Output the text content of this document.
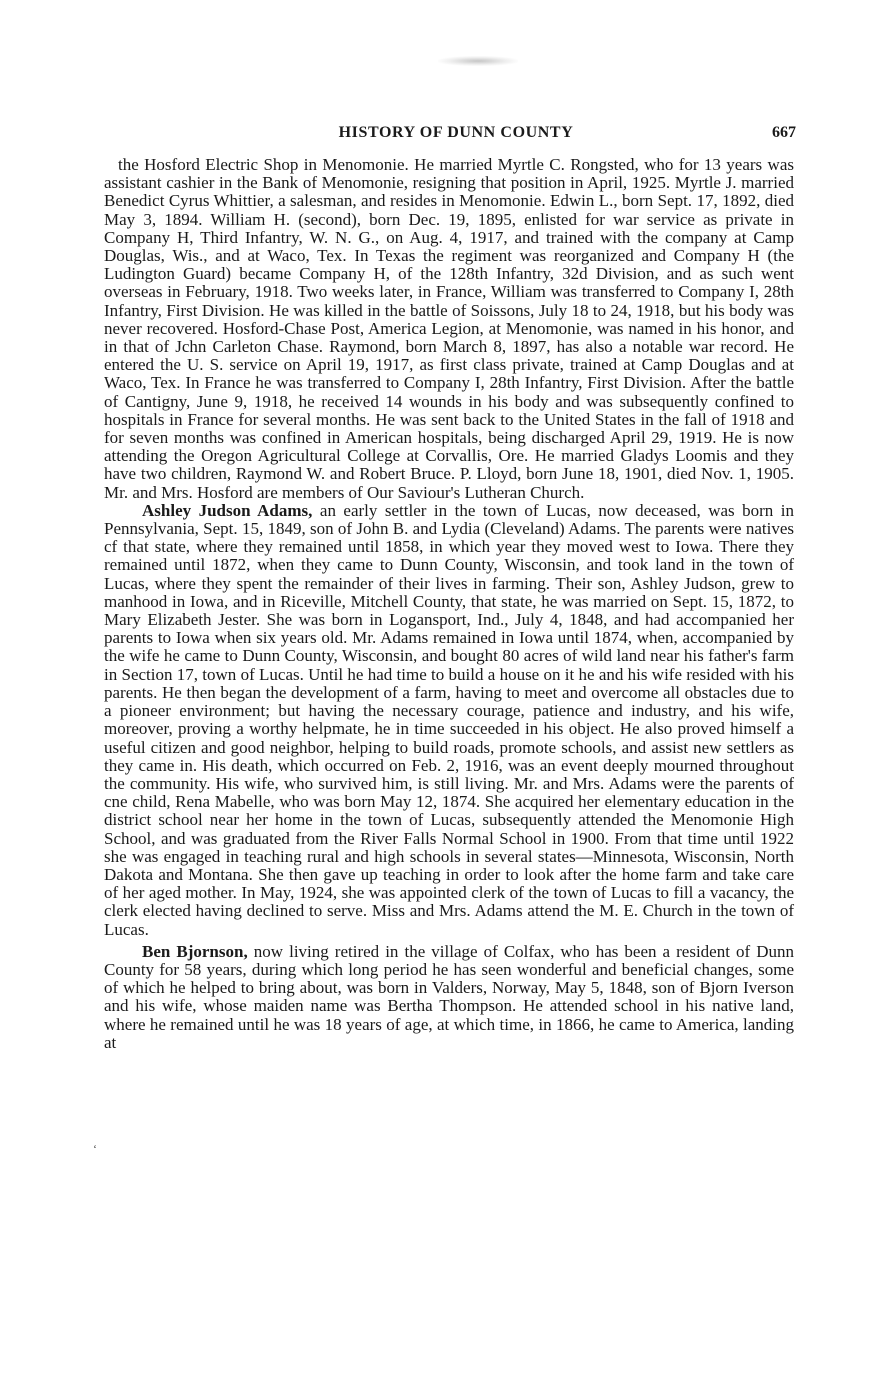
HISTORY OF DUNN COUNTY	667

the Hosford Electric Shop in Menomonie. He married Myrtle C. Rongsted, who for 13 years was assistant cashier in the Bank of Menomonie, resigning that position in April, 1925. Myrtle J. married Benedict Cyrus Whittier, a salesman, and resides in Menomonie. Edwin L., born Sept. 17, 1892, died May 3, 1894. William H. (second), born Dec. 19, 1895, enlisted for war service as private in Company H, Third Infantry, W. N. G., on Aug. 4, 1917, and trained with the company at Camp Douglas, Wis., and at Waco, Tex. In Texas the regiment was reorganized and Company H (the Ludington Guard) became Company H, of the 128th Infantry, 32d Division, and as such went overseas in February, 1918. Two weeks later, in France, William was transferred to Company I, 28th Infantry, First Division. He was killed in the battle of Soissons, July 18 to 24, 1918, but his body was never recovered. Hosford-Chase Post, America Legion, at Menomonie, was named in his honor, and in that of Jchn Carleton Chase. Raymond, born March 8, 1897, has also a notable war record. He entered the U. S. service on April 19, 1917, as first class private, trained at Camp Douglas and at Waco, Tex. In France he was transferred to Company I, 28th Infantry, First Division. After the battle of Cantigny, June 9, 1918, he received 14 wounds in his body and was subsequently confined to hospitals in France for several months. He was sent back to the United States in the fall of 1918 and for seven months was confined in American hospitals, being discharged April 29, 1919. He is now attending the Oregon Agricultural College at Corvallis, Ore. He married Gladys Loomis and they have two children, Raymond W. and Robert Bruce. P. Lloyd, born June 18, 1901, died Nov. 1, 1905. Mr. and Mrs. Hosford are members of Our Saviour's Lutheran Church.

Ashley Judson Adams, an early settler in the town of Lucas, now deceased, was born in Pennsylvania, Sept. 15, 1849, son of John B. and Lydia (Cleveland) Adams. The parents were natives cf that state, where they remained until 1858, in which year they moved west to Iowa. There they remained until 1872, when they came to Dunn County, Wisconsin, and took land in the town of Lucas, where they spent the remainder of their lives in farming. Their son, Ashley Judson, grew to manhood in Iowa, and in Riceville, Mitchell County, that state, he was married on Sept. 15, 1872, to Mary Elizabeth Jester. She was born in Logansport, Ind., July 4, 1848, and had accompanied her parents to Iowa when six years old. Mr. Adams remained in Iowa until 1874, when, accompanied by the wife he came to Dunn County, Wisconsin, and bought 80 acres of wild land near his father's farm in Section 17, town of Lucas. Until he had time to build a house on it he and his wife resided with his parents. He then began the development of a farm, having to meet and overcome all obstacles due to a pioneer environment; but having the necessary courage, patience and industry, and his wife, moreover, proving a worthy helpmate, he in time succeeded in his object. He also proved himself a useful citizen and good neighbor, helping to build roads, promote schools, and assist new settlers as they came in. His death, which occurred on Feb. 2, 1916, was an event deeply mourned throughout the community. His wife, who survived him, is still living. Mr. and Mrs. Adams were the parents of cne child, Rena Mabelle, who was born May 12, 1874. She acquired her elementary education in the district school near her home in the town of Lucas, subsequently attended the Menomonie High School, and was graduated from the River Falls Normal School in 1900. From that time until 1922 she was engaged in teaching rural and high schools in several states—Minnesota, Wisconsin, North Dakota and Montana. She then gave up teaching in order to look after the home farm and take care of her aged mother. In May, 1924, she was appointed clerk of the town of Lucas to fill a vacancy, the clerk elected having declined to serve. Miss and Mrs. Adams attend the M. E. Church in the town of Lucas.

Ben Bjornson, now living retired in the village of Colfax, who has been a resident of Dunn County for 58 years, during which long period he has seen wonderful and beneficial changes, some of which he helped to bring about, was born in Valders, Norway, May 5, 1848, son of Bjorn Iverson and his wife, whose maiden name was Bertha Thompson. He attended school in his native land, where he remained until he was 18 years of age, at which time, in 1866, he came to America, landing at

‘
